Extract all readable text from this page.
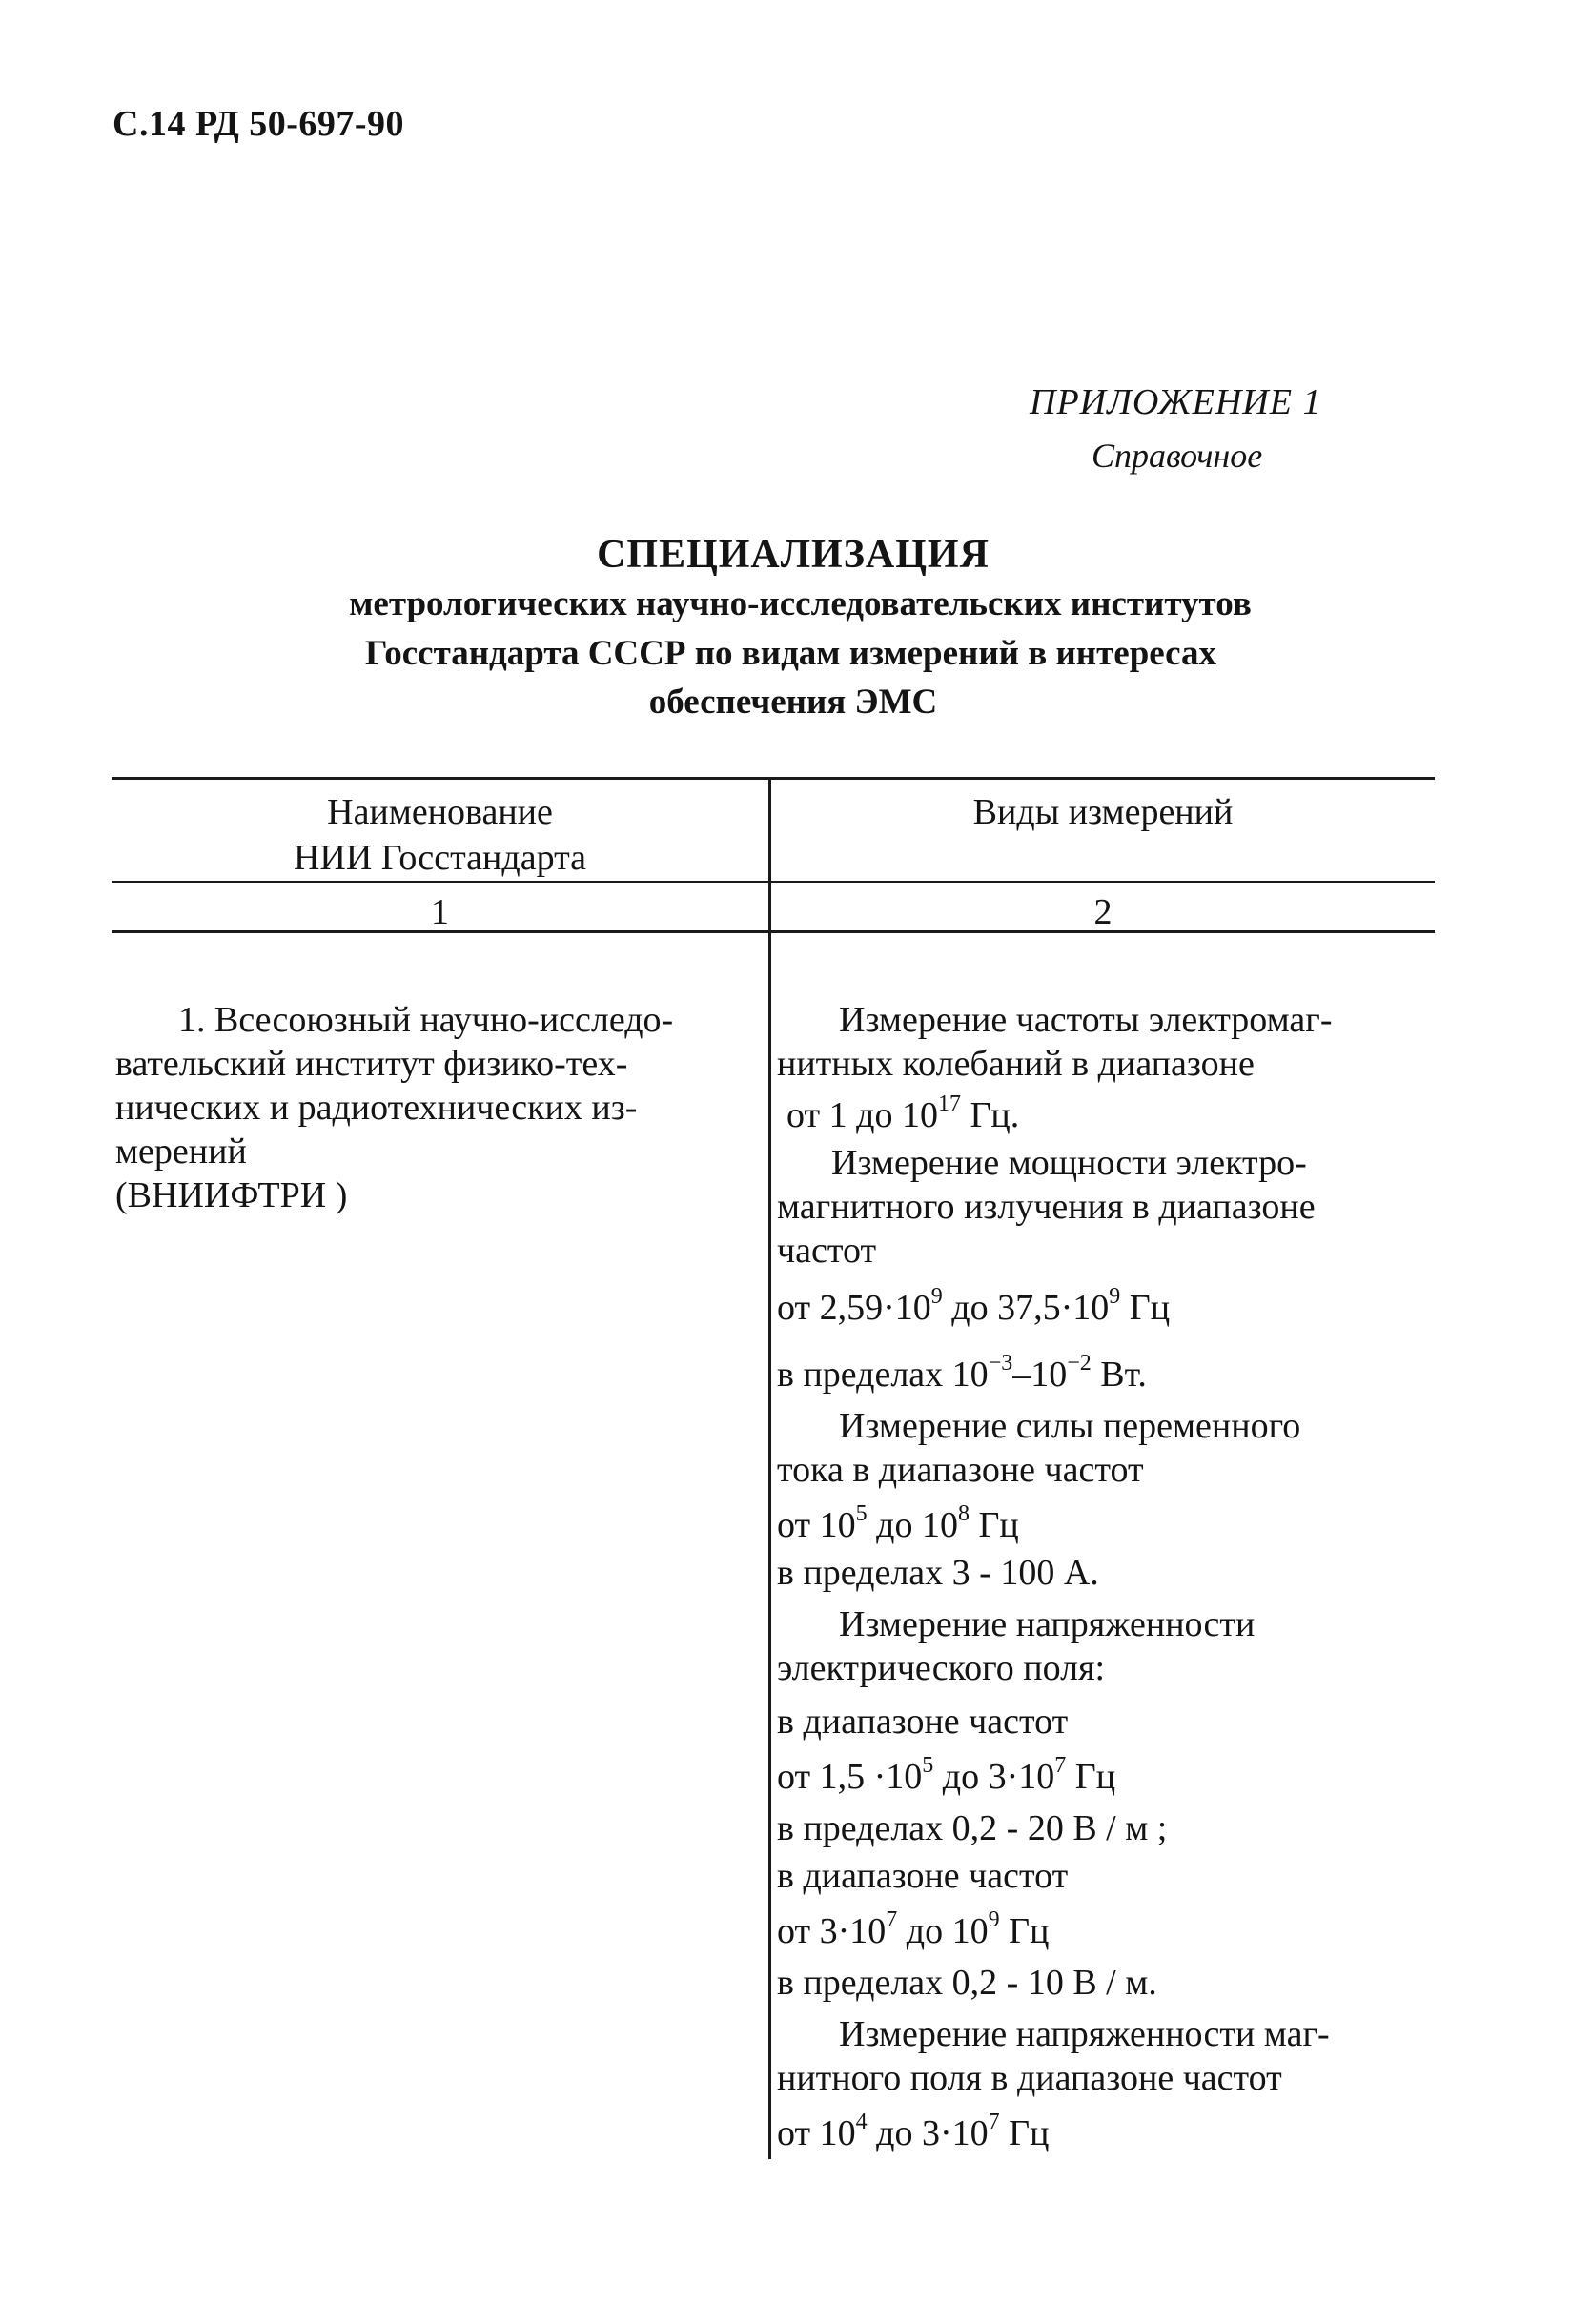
С.14 РД 50-697-90
ПРИЛОЖЕНИЕ 1
Справочное
СПЕЦИАЛИЗАЦИЯ
метрологических научно-исследовательских институтов
Госстандарта СССР по видам измерений в интересах
обеспечения ЭМС
Наименование
НИИ Госстандарта
Виды измерений
1	2
1. Всесоюзный научно-исследо-
вательский институт физико-тех-
нических и радиотехнических из-
мерений
(ВНИИФТРИ )
Измерение частоты электромаг-
нитных колебаний в диапазоне
от 1 до $10^{17}$ Гц.
Измерение мощности электро-
магнитного излучения в диапазоне
частот
от $2,59\cdot 10^9$ до $37,5\cdot 10^9$ Гц
в пределах $10^{-3}-10^{-2}$ Вт.
Измерение силы переменного
тока в диапазоне частот
от $10^5$ до $10^8$ Гц
в пределах 3 - 100 А.
Измерение напряженности
электрического поля:
в диапазоне частот
от $1,5 \cdot 10^5$ до $3\cdot 10^7$ Гц
в пределах 0,2 - 20 В / м ;
в диапазоне частот
от $3\cdot 10^7$ до $10^9$ Гц
в пределах 0,2 - 10 В / м.
Измерение напряженности маг-
нитного поля в диапазоне частот
от $10^4$ до $3\cdot 10^7$ Гц
